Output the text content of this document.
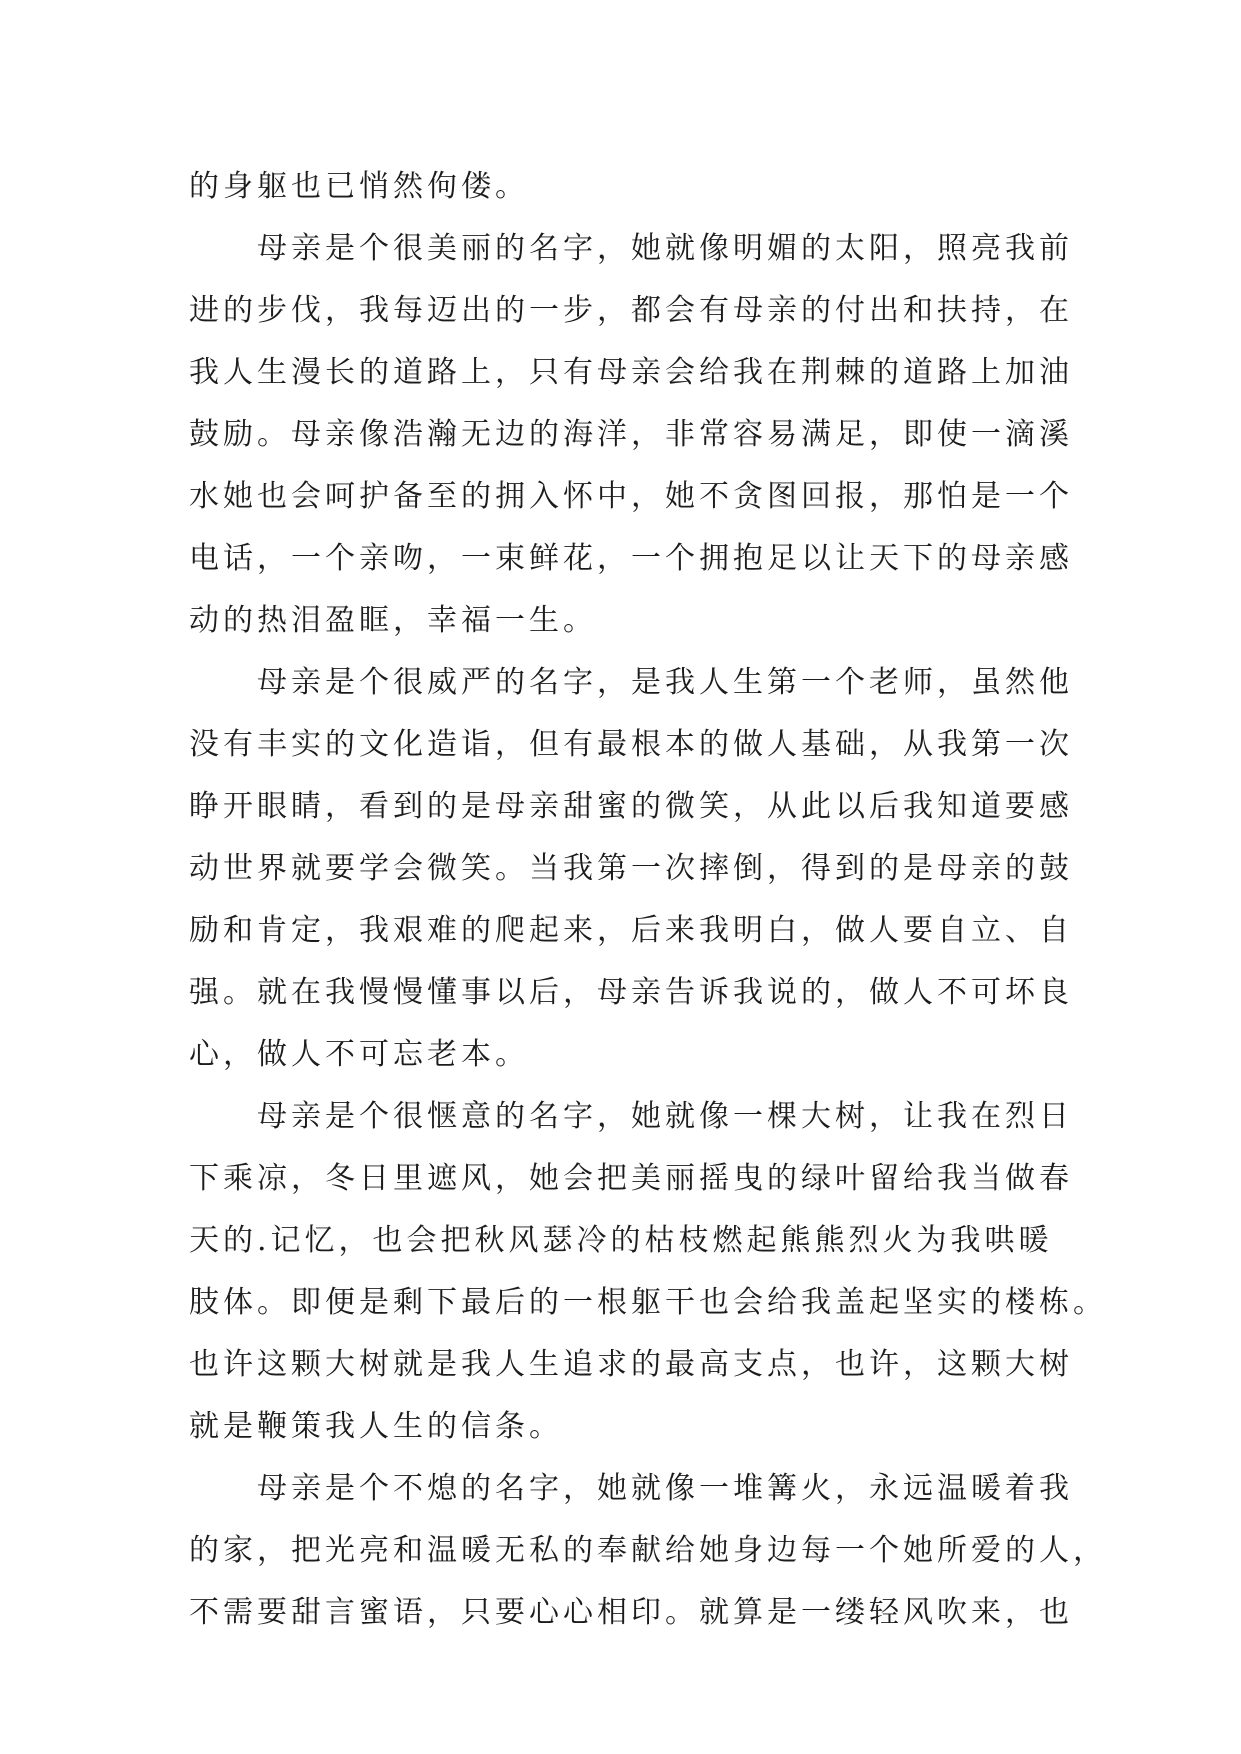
的身躯也已悄然佝偻。
母亲是个很美丽的名字，她就像明媚的太阳，照亮我前
进的步伐，我每迈出的一步，都会有母亲的付出和扶持，在
我人生漫长的道路上，只有母亲会给我在荆棘的道路上加油
鼓励。母亲像浩瀚无边的海洋，非常容易满足，即使一滴溪
水她也会呵护备至的拥入怀中，她不贪图回报，那怕是一个
电话，一个亲吻，一束鲜花，一个拥抱足以让天下的母亲感
动的热泪盈眶，幸福一生。
母亲是个很威严的名字，是我人生第一个老师，虽然他
没有丰实的文化造诣，但有最根本的做人基础，从我第一次
睁开眼睛，看到的是母亲甜蜜的微笑，从此以后我知道要感
动世界就要学会微笑。当我第一次摔倒，得到的是母亲的鼓
励和肯定，我艰难的爬起来，后来我明白，做人要自立、自
强。就在我慢慢懂事以后，母亲告诉我说的，做人不可坏良
心，做人不可忘老本。
母亲是个很惬意的名字，她就像一棵大树，让我在烈日
下乘凉，冬日里遮风，她会把美丽摇曳的绿叶留给我当做春
天的.记忆，也会把秋风瑟冷的枯枝燃起熊熊烈火为我哄暖
肢体。即便是剩下最后的一根躯干也会给我盖起坚实的楼栋。
也许这颗大树就是我人生追求的最高支点，也许，这颗大树
就是鞭策我人生的信条。
母亲是个不熄的名字，她就像一堆篝火，永远温暖着我
的家，把光亮和温暖无私的奉献给她身边每一个她所爱的人，
不需要甜言蜜语，只要心心相印。就算是一缕轻风吹来，也
